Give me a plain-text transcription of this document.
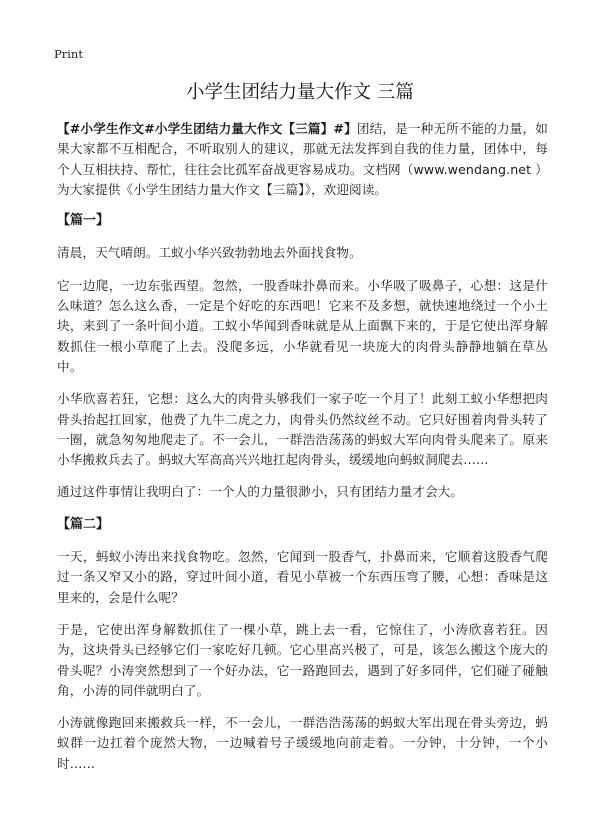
Print
小学生团结力量大作文 三篇

【#小学生作文#小学生团结力量大作文【三篇】#】团结，是一种无所不能的力量，如果大家都不互相配合，不听取别人的建议，那就无法发挥到自我的佳力量，团体中，每个人互相扶持、帮忙，往往会比孤军奋战更容易成功。文档网（www.wendang.net ）为大家提供《小学生团结力量大作文【三篇】》，欢迎阅读。

【篇一】

清晨，天气晴朗。工蚁小华兴致勃勃地去外面找食物。

它一边爬，一边东张西望。忽然，一股香味扑鼻而来。小华吸了吸鼻子，心想：这是什么味道？怎么这么香，一定是个好吃的东西吧！它来不及多想，就快速地绕过一个小土块，来到了一条叶间小道。工蚁小华闻到香味就是从上面飘下来的，于是它使出浑身解数抓住一根小草爬了上去。没爬多远，小华就看见一块庞大的肉骨头静静地躺在草丛中。

小华欣喜若狂，它想：这么大的肉骨头够我们一家子吃一个月了！此刻工蚁小华想把肉骨头抬起扛回家，他费了九牛二虎之力，肉骨头仍然纹丝不动。它只好围着肉骨头转了一圈，就急匆匆地爬走了。不一会儿，一群浩浩荡荡的蚂蚁大军向肉骨头爬来了。原来小华搬救兵去了。蚂蚁大军高高兴兴地扛起肉骨头，缓缓地向蚂蚁洞爬去……

通过这件事情让我明白了：一个人的力量很渺小，只有团结力量才会大。

【篇二】

一天，蚂蚁小涛出来找食物吃。忽然，它闻到一股香气，扑鼻而来，它顺着这股香气爬过一条又窄又小的路，穿过叶间小道，看见小草被一个东西压弯了腰，心想：香味是这里来的，会是什么呢？

于是，它使出浑身解数抓住了一棵小草，跳上去一看，它惊住了，小涛欣喜若狂。因为，这块骨头已经够它们一家吃好几顿。它心里高兴极了，可是，该怎么搬这个庞大的骨头呢？小涛突然想到了一个好办法，它一路跑回去，遇到了好多同伴，它们碰了碰触角，小涛的同伴就明白了。

小涛就像跑回来搬救兵一样，不一会儿，一群浩浩荡荡的蚂蚁大军出现在骨头旁边，蚂蚁群一边扛着个庞然大物，一边喊着号子缓缓地向前走着。一分钟，十分钟，一个小时……
